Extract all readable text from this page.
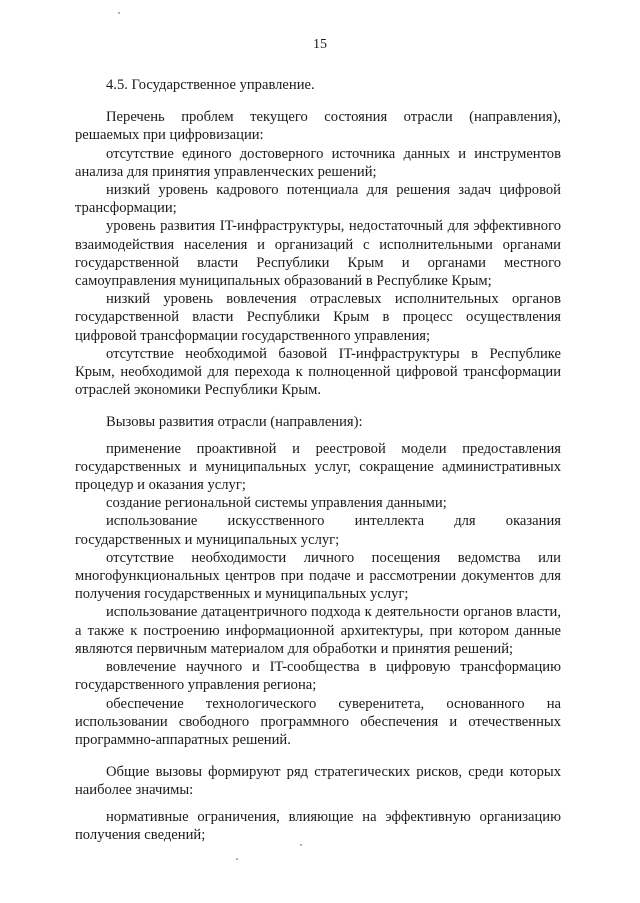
15

4.5. Государственное управление.

Перечень проблем текущего состояния отрасли (направления), решаемых при цифровизации:

отсутствие единого достоверного источника данных и инструментов анализа для принятия управленческих решений;

низкий уровень кадрового потенциала для решения задач цифровой трансформации;

уровень развития IT-инфраструктуры, недостаточный для эффективного взаимодействия населения и организаций с исполнительными органами государственной власти Республики Крым и органами местного самоуправления муниципальных образований в Республике Крым;

низкий уровень вовлечения отраслевых исполнительных органов государственной власти Республики Крым в процесс осуществления цифровой трансформации государственного управления;

отсутствие необходимой базовой IT-инфраструктуры в Республике Крым, необходимой для перехода к полноценной цифровой трансформации отраслей экономики Республики Крым.

Вызовы развития отрасли (направления):

применение проактивной и реестровой модели предоставления государственных и муниципальных услуг, сокращение административных процедур и оказания услуг;

создание региональной системы управления данными;

использование искусственного интеллекта для оказания государственных и муниципальных услуг;

отсутствие необходимости личного посещения ведомства или многофункциональных центров при подаче и рассмотрении документов для получения государственных и муниципальных услуг;

использование датацентричного подхода к деятельности органов власти, а также к построению информационной архитектуры, при котором данные являются первичным материалом для обработки и принятия решений;

вовлечение научного и IT-сообщества в цифровую трансформацию государственного управления региона;

обеспечение технологического суверенитета, основанного на использовании свободного программного обеспечения и отечественных программно-аппаратных решений.

Общие вызовы формируют ряд стратегических рисков, среди которых наиболее значимы:

нормативные ограничения, влияющие на эффективную организацию получения сведений;
